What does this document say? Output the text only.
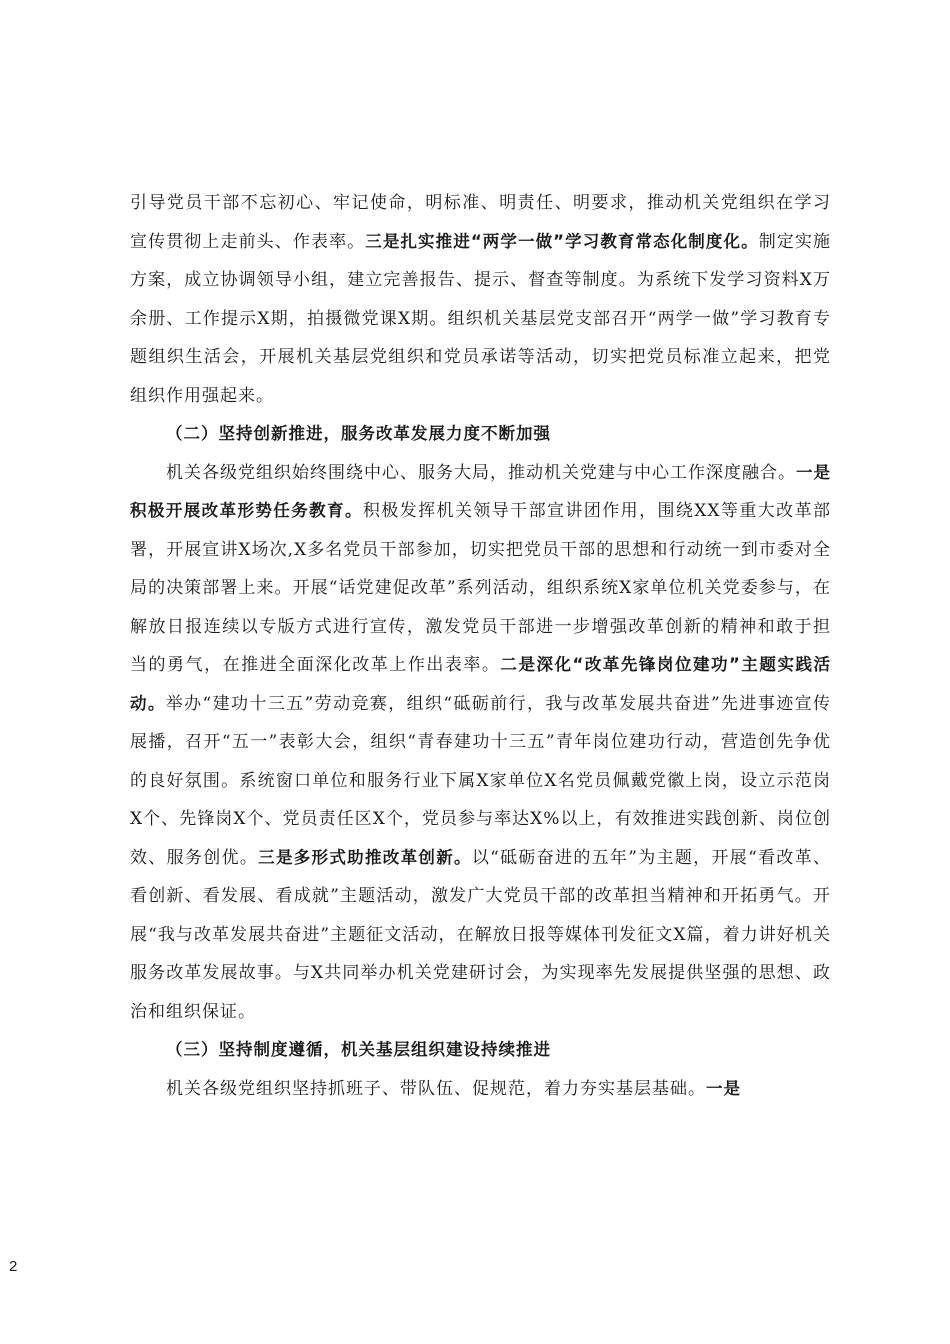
引导党员干部不忘初心、牢记使命，明标准、明责任、明要求，推动机关党组织在学习宣传贯彻上走前头、作表率。三是扎实推进“两学一做”学习教育常态化制度化。制定实施方案，成立协调领导小组，建立完善报告、提示、督查等制度。为系统下发学习资料X万余册、工作提示X期，拍摄微党课X期。组织机关基层党支部召开“两学一做”学习教育专题组织生活会，开展机关基层党组织和党员承诺等活动，切实把党员标准立起来，把党组织作用强起来。

（二）坚持创新推进，服务改革发展力度不断加强

机关各级党组织始终围绕中心、服务大局，推动机关党建与中心工作深度融合。一是积极开展改革形势任务教育。积极发挥机关领导干部宣讲团作用，围绕XX等重大改革部署，开展宣讲X场次,X多名党员干部参加，切实把党员干部的思想和行动统一到市委对全局的决策部署上来。开展“话党建促改革”系列活动，组织系统X家单位机关党委参与，在解放日报连续以专版方式进行宣传，激发党员干部进一步增强改革创新的精神和敢于担当的勇气，在推进全面深化改革上作出表率。二是深化“改革先锋岗位建功”主题实践活动。举办“建功十三五”劳动竞赛，组织“砥砺前行，我与改革发展共奋进”先进事迹宣传展播，召开“五一”表彰大会，组织“青春建功十三五”青年岗位建功行动，营造创先争优的良好氛围。系统窗口单位和服务行业下属X家单位X名党员佩戴党徽上岗，设立示范岗X个、先锋岗X个、党员责任区X个，党员参与率达X%以上，有效推进实践创新、岗位创效、服务创优。三是多形式助推改革创新。以“砥砺奋进的五年”为主题，开展“看改革、看创新、看发展、看成就”主题活动，激发广大党员干部的改革担当精神和开拓勇气。开展“我与改革发展共奋进”主题征文活动，在解放日报等媒体刊发征文X篇，着力讲好机关服务改革发展故事。与X共同举办机关党建研讨会，为实现率先发展提供坚强的思想、政治和组织保证。

（三）坚持制度遵循，机关基层组织建设持续推进

机关各级党组织坚持抓班子、带队伍、促规范，着力夯实基层基础。一是

2
